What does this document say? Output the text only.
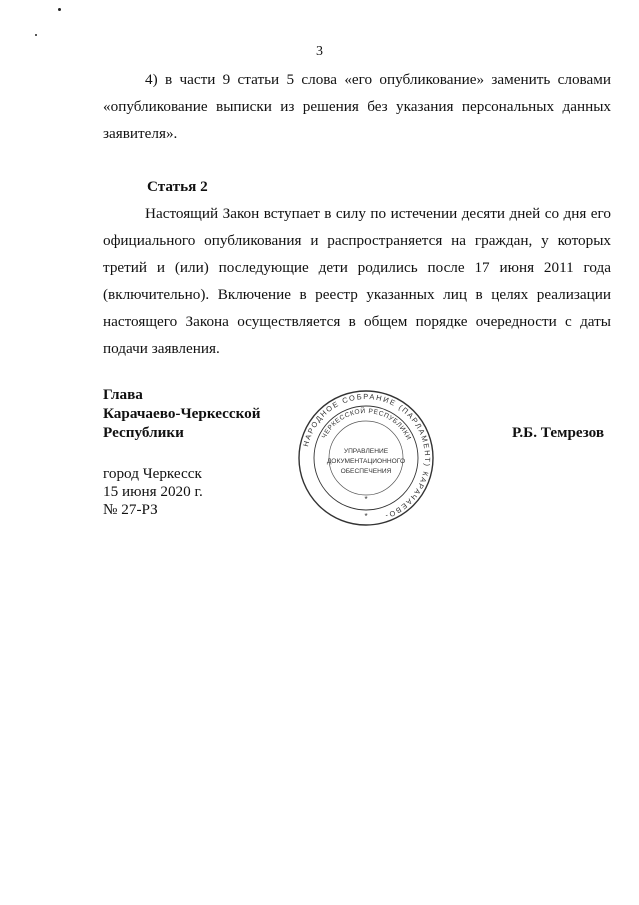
3

4) в части 9 статьи 5 слова «его опубликование» заменить словами «опубликование выписки из решения без указания персональных данных заявителя».

Статья 2

Настоящий Закон вступает в силу по истечении десяти дней со дня его официального опубликования и распространяется на граждан, у которых третий и (или) последующие дети родились после 17 июня 2011 года (включительно). Включение в реестр указанных лиц в целях реализации настоящего Закона осуществляется в общем порядке очередности с даты подачи заявления.

Глава
Карачаево-Черкесской
Республики	Р.Б. Темрезов
город Черкесск
15 июня 2020 г.
№ 27-РЗ
НАРОДНОЕ СОБРАНИЕ (ПАРЛАМЕНТ) КАРАЧАЕВО-
ЧЕРКЕССКОЙ РЕСПУБЛИКИ
УПРАВЛЕНИЕ
ДОКУМЕНТАЦИОННОГО
ОБЕСПЕЧЕНИЯ
*
*
